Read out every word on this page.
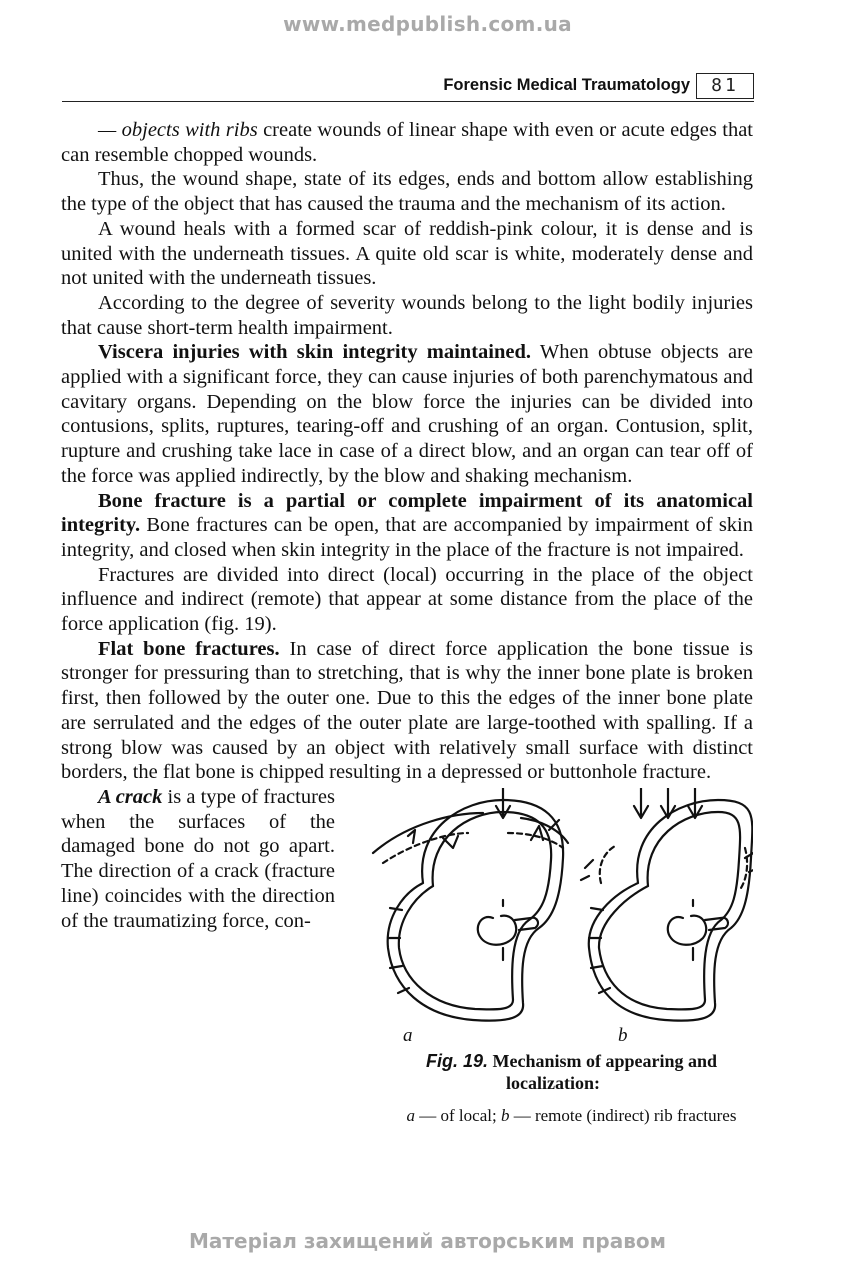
www.medpublish.com.ua
Forensic Medical Traumatology	81

— objects with ribs create wounds of linear shape with even or acute edges that can resemble chopped wounds.

Thus, the wound shape, state of its edges, ends and bottom allow establishing the type of the object that has caused the trauma and the mechanism of its action.

A wound heals with a formed scar of reddish-pink colour, it is dense and is united with the underneath tissues. A quite old scar is white, moderately dense and not united with the underneath tissues.

According to the degree of severity wounds belong to the light bodily injuries that cause short-term health impairment.

Viscera injuries with skin integrity maintained. When obtuse objects are applied with a significant force, they can cause injuries of both parenchymatous and cavitary organs. Depending on the blow force the injuries can be divided into contusions, splits, ruptures, tearing-off and crushing of an organ. Contusion, split, rupture and crushing take lace in case of a direct blow, and an organ can tear off of the force was applied indirectly, by the blow and shaking mechanism.

Bone fracture is a partial or complete impairment of its anatomical integrity. Bone fractures can be open, that are accompanied by impairment of skin integrity, and closed when skin integrity in the place of the fracture is not impaired.

Fractures are divided into direct (local) occurring in the place of the object influence and indirect (remote) that appear at some distance from the place of the force application (fig. 19).

Flat bone fractures. In case of direct force application the bone tissue is stronger for pressuring than to stretching, that is why the inner bone plate is broken first, then followed by the outer one. Due to this the edges of the inner bone plate are serrulated and the edges of the outer plate are large-toothed with spalling. If a strong blow was caused by an object with relatively small surface with distinct borders, the flat bone is chipped resulting in a depressed or buttonhole fracture.
a	b
Fig. 19. Mechanism of appearing and localization:
a — of local; b — remote (indirect) rib fractures

A crack is a type of fractures when the surfaces of the damaged bone do not go apart. The direction of a crack (fracture line) coincides with the direction of the traumatizing force, con-

Матеріал захищений авторським правом
